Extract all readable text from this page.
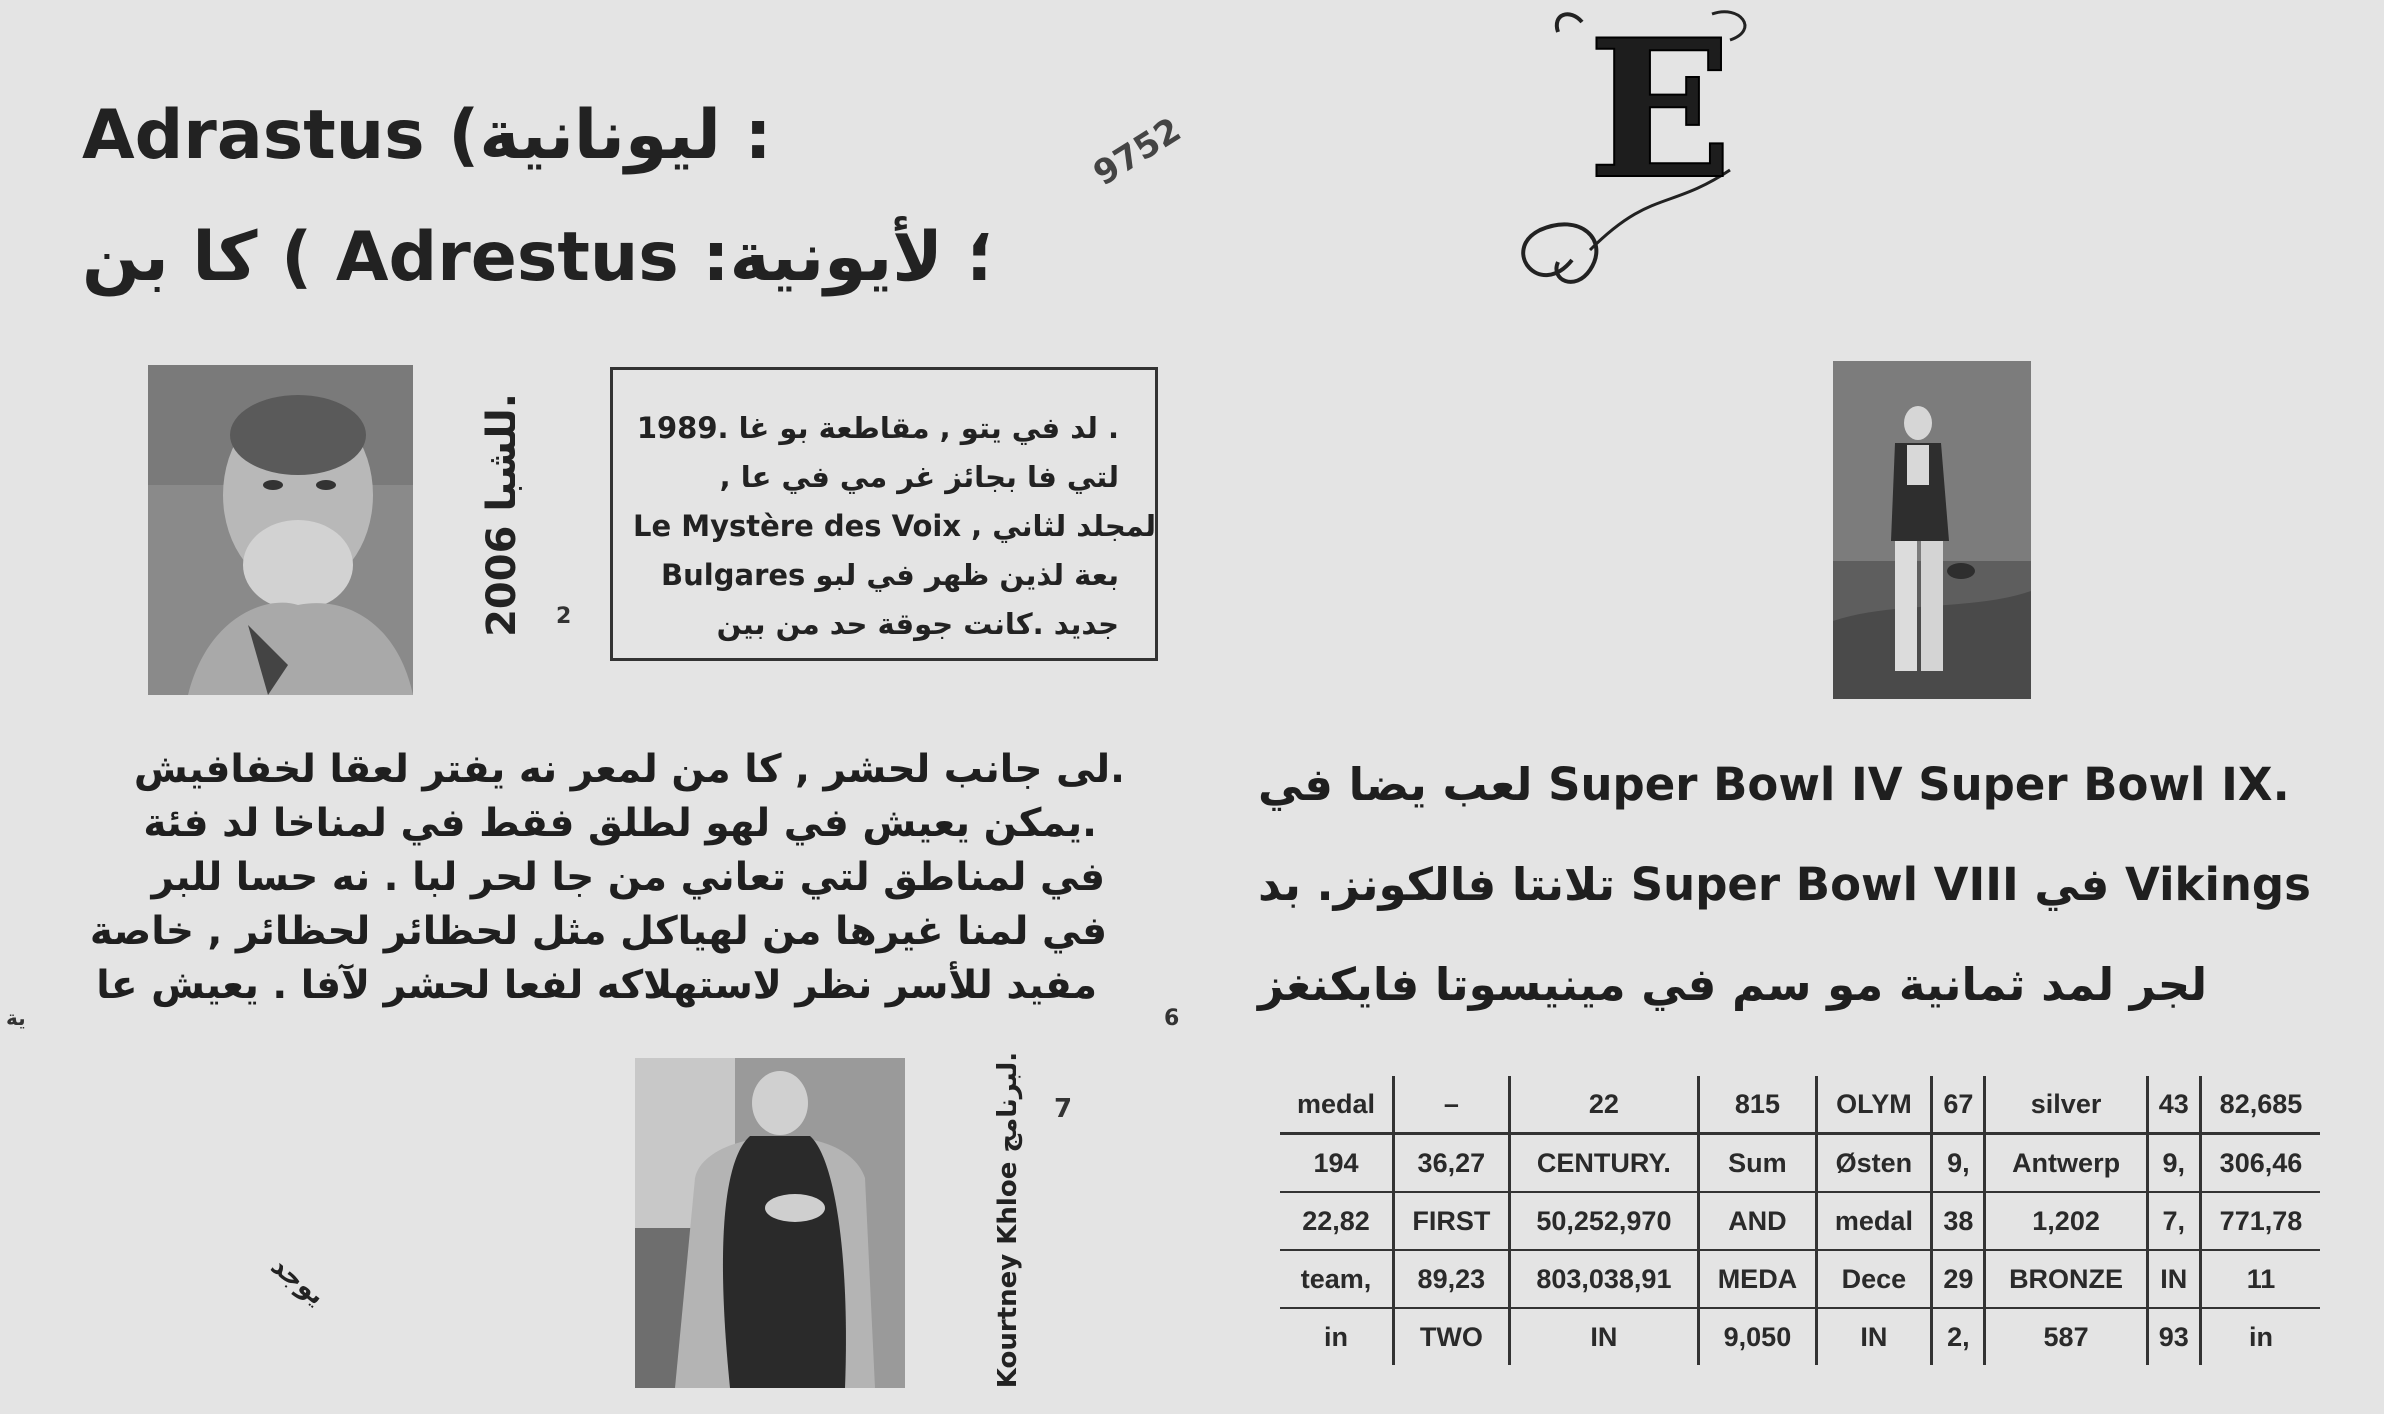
Adrastus (ليونانية :
كا بن ( Adrestus :؛ لأيونية
9752 E
للشبا 2006.
2
1989. لد في يتو , مقاطعة بو غا .
, لتي فا بجائز غر مي في عا
Le Mystère des Voix , لمجلد لثاني
Bulgares بعة لذين ظهر في لبو
جديد .كانت جوقة حد من بين
لى جانب لحشر , كا من لمعر نه يفتر لعقا لخفافيش.
يمكن يعيش في لهو لطلق فقط في لمناخا لد فئة.
في لمناطق لتي تعاني من جا لحر لبا . نه حسا للبر
في لمنا غيرها من لهياكل مثل لحظائر لحظائر , خاصة
مفيد للأسر نظر لاستهلاكه لفعا لحشر لآفا . يعيش عا
ية	6
Kourtney Khloe لبرنامج.
7
يوجد
لعب يضا في Super Bowl IV Super Bowl IX.
تلانتا فالكونز. بد Super Bowl VIII في Vikings
لجر لمد ثمانية مو سم في مينيسوتا فايكنغز
medal	–	22	815	OLYM	67	silver	43	82,685
194	36,27	CENTURY.	Sum	Østen	9,	Antwerp	9,	306,46
22,82	FIRST	50,252,970	AND	medal	38	1,202	7,	771,78
team,	89,23	803,038,91	MEDA	Dece	29	BRONZE	IN	11
in	TWO	IN	9,050	IN	2,	587	93	in
